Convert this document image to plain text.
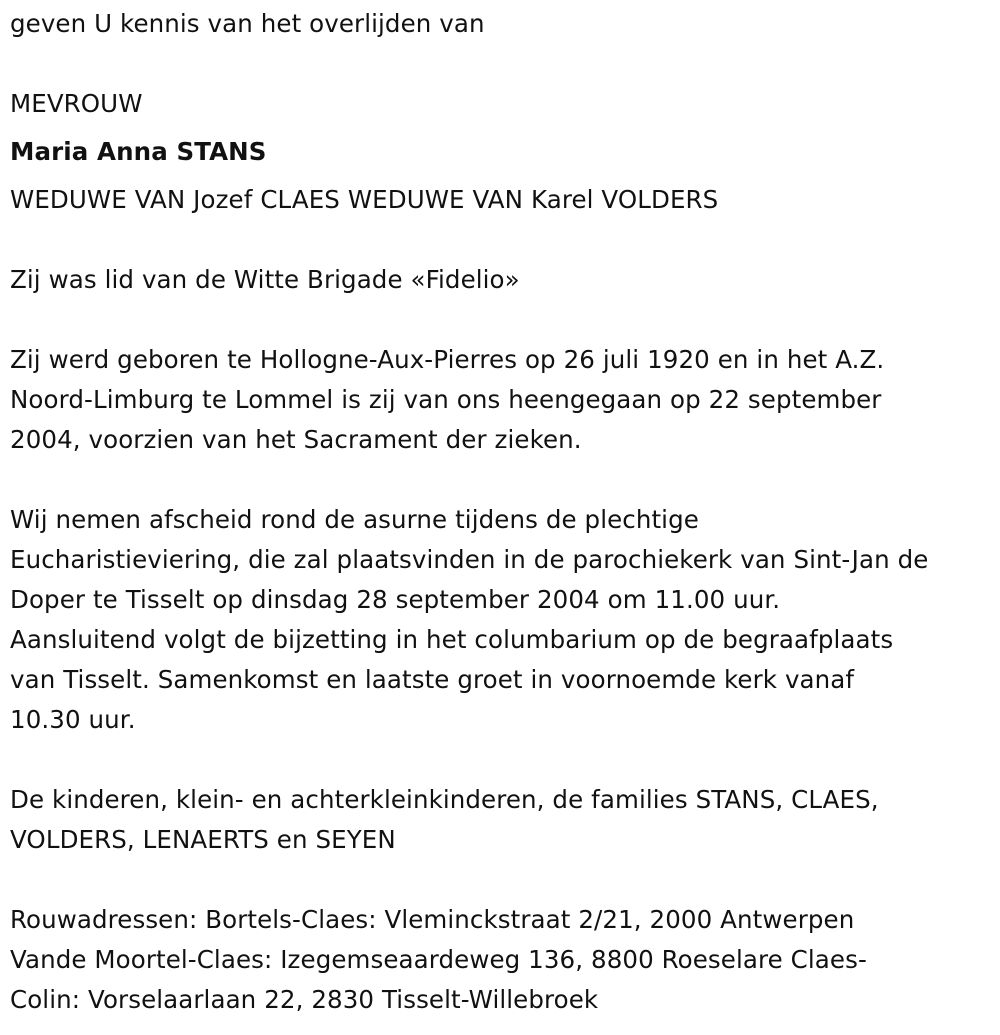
geven U kennis van het overlijden van
MEVROUW
Maria Anna STANS
WEDUWE VAN Jozef CLAES WEDUWE VAN Karel VOLDERS
Zij was lid van de Witte Brigade «Fidelio»
Zij werd geboren te Hollogne-Aux-Pierres op 26 juli 1920 en in het A.Z.
Noord-Limburg te Lommel is zij van ons heengegaan op 22 september
2004, voorzien van het Sacrament der zieken.
Wij nemen afscheid rond de asurne tijdens de plechtige
Eucharistieviering, die zal plaatsvinden in de parochiekerk van Sint-Jan de
Doper te Tisselt op dinsdag 28 september 2004 om 11.00 uur.
Aansluitend volgt de bijzetting in het columbarium op de begraafplaats
van Tisselt. Samenkomst en laatste groet in voornoemde kerk vanaf
10.30 uur.
De kinderen, klein- en achterkleinkinderen, de families STANS, CLAES,
VOLDERS, LENAERTS en SEYEN
Rouwadressen: Bortels-Claes: Vleminckstraat 2/21, 2000 Antwerpen
Vande Moortel-Claes: Izegemseaardeweg 136, 8800 Roeselare Claes-
Colin: Vorselaarlaan 22, 2830 Tisselt-Willebroek
